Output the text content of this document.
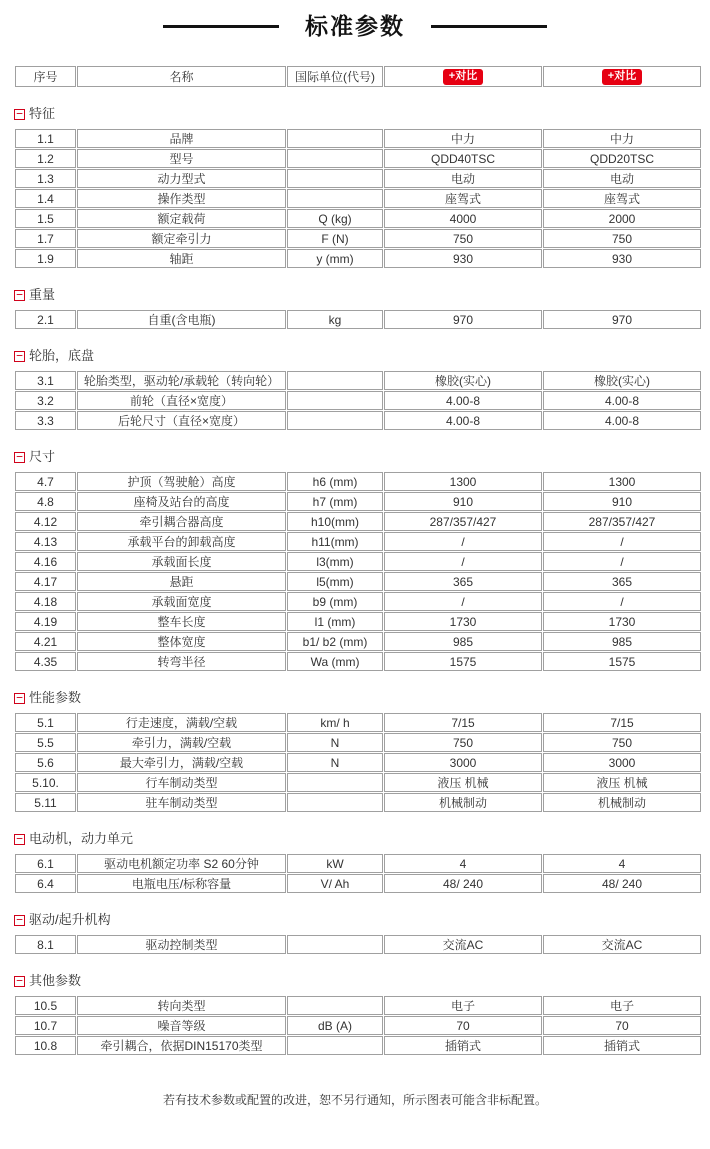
标准参数
序号	名称	国际单位(代号)	+对比	+对比
− 特征
1.1	品牌		中力	中力
1.2	型号		QDD40TSC	QDD20TSC
1.3	动力型式		电动	电动
1.4	操作类型		座驾式	座驾式
1.5	额定载荷	Q (kg)	4000	2000
1.7	额定牵引力	F (N)	750	750
1.9	轴距	y (mm)	930	930
− 重量
2.1	自重(含电瓶)	kg	970	970
− 轮胎，底盘
3.1	轮胎类型，驱动轮/承载轮（转向轮）		橡胶(实心)	橡胶(实心)
3.2	前轮（直径×宽度）		4.00-8	4.00-8
3.3	后轮尺寸（直径×宽度）		4.00-8	4.00-8
− 尺寸
4.7	护顶（驾驶舱）高度	h6 (mm)	1300	1300
4.8	座椅及站台的高度	h7 (mm)	910	910
4.12	牵引耦合器高度	h10(mm)	287/357/427	287/357/427
4.13	承载平台的卸载高度	h11(mm)	/	/
4.16	承载面长度	l3(mm)	/	/
4.17	悬距	l5(mm)	365	365
4.18	承载面宽度	b9 (mm)	/	/
4.19	整车长度	l1 (mm)	1730	1730
4.21	整体宽度	b1/ b2 (mm)	985	985
4.35	转弯半径	Wa (mm)	1575	1575
− 性能参数
5.1	行走速度，满载/空载	km/ h	7/15	7/15
5.5	牵引力，满载/空载	N	750	750
5.6	最大牵引力，满载/空载	N	3000	3000
5.10.	行车制动类型		液压 机械	液压 机械
5.11	驻车制动类型		机械制动	机械制动
− 电动机，动力单元
6.1	驱动电机额定功率 S2 60分钟	kW	4	4
6.4	电瓶电压/标称容量	V/ Ah	48/ 240	48/ 240
− 驱动/起升机构
8.1	驱动控制类型		交流AC	交流AC
− 其他参数
10.5	转向类型		电子	电子
10.7	噪音等级	dB (A)	70	70
10.8	牵引耦合，依据DIN15170类型		插销式	插销式
若有技术参数或配置的改进，恕不另行通知，所示图表可能含非标配置。
